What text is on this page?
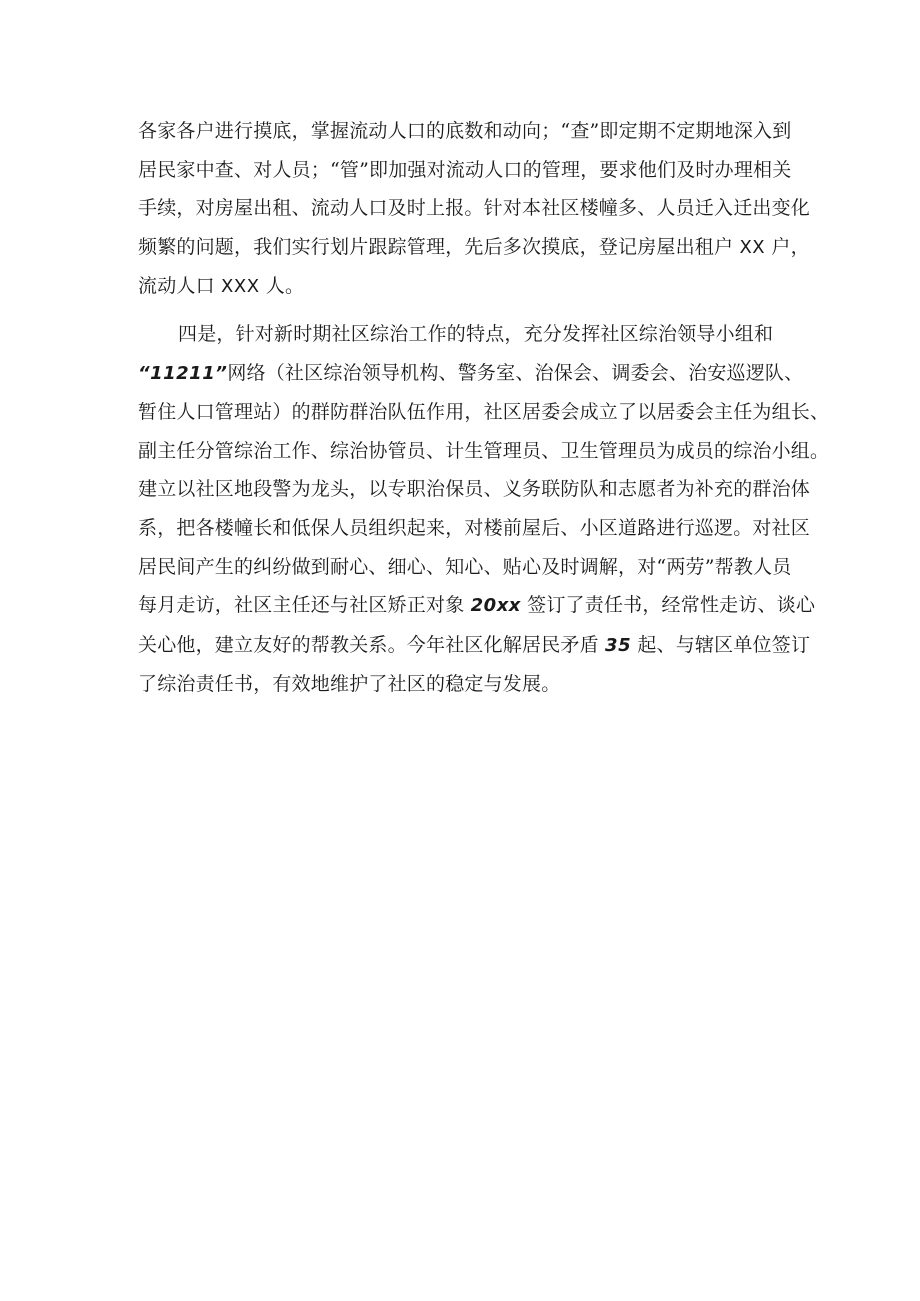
各家各户进行摸底，掌握流动人口的底数和动向；“查”即定期不定期地深入到
居民家中查、对人员；“管”即加强对流动人口的管理，要求他们及时办理相关
手续，对房屋出租、流动人口及时上报。针对本社区楼幢多、人员迁入迁出变化
频繁的问题，我们实行划片跟踪管理，先后多次摸底，登记房屋出租户 XX 户，
流动人口 XXX 人。

四是，针对新时期社区综治工作的特点，充分发挥社区综治领导小组和
“11211”网络（社区综治领导机构、警务室、治保会、调委会、治安巡逻队、
暂住人口管理站）的群防群治队伍作用，社区居委会成立了以居委会主任为组长、
副主任分管综治工作、综治协管员、计生管理员、卫生管理员为成员的综治小组。
建立以社区地段警为龙头，以专职治保员、义务联防队和志愿者为补充的群治体
系，把各楼幢长和低保人员组织起来，对楼前屋后、小区道路进行巡逻。对社区
居民间产生的纠纷做到耐心、细心、知心、贴心及时调解，对“两劳”帮教人员
每月走访，社区主任还与社区矫正对象 20xx 签订了责任书，经常性走访、谈心
关心他，建立友好的帮教关系。今年社区化解居民矛盾 35 起、与辖区单位签订
了综治责任书，有效地维护了社区的稳定与发展。
